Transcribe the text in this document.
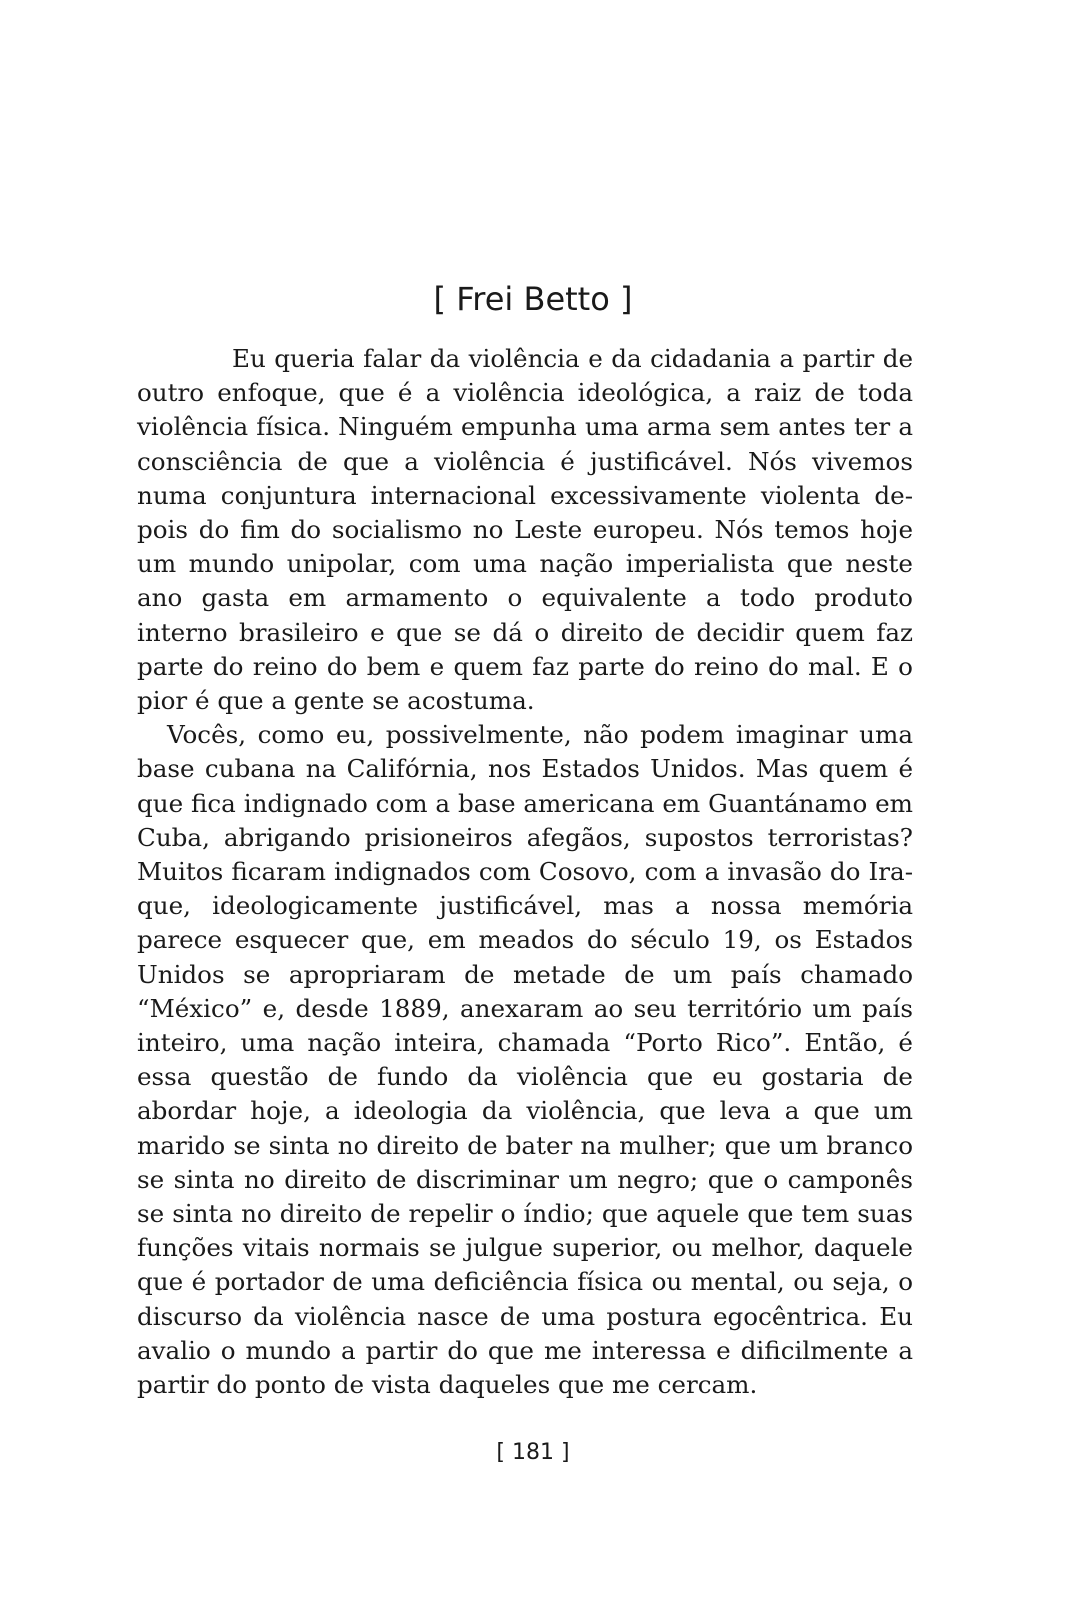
[ Frei Betto ]

Eu queria falar da violência e da cidadania a partir de outro enfoque, que é a violência ideológica, a raiz de toda violência física. Ninguém empunha uma arma sem antes ter a consciência de que a violência é justificável. Nós vivemos numa conjuntura internacional excessivamente violenta depois do fim do socialismo no Leste europeu. Nós temos hoje um mundo unipolar, com uma nação imperialista que neste ano gasta em armamento o equivalente a todo produto interno brasileiro e que se dá o direito de decidir quem faz parte do reino do bem e quem faz parte do reino do mal. E o pior é que a gente se acostuma.

Vocês, como eu, possivelmente, não podem imaginar uma base cubana na Califórnia, nos Estados Unidos. Mas quem é que fica indignado com a base americana em Guantánamo em Cuba, abrigando prisioneiros afegãos, supostos terroristas? Muitos ficaram indignados com Cosovo, com a invasão do Iraque, ideologicamente justificável, mas a nossa memória parece esquecer que, em meados do século 19, os Estados Unidos se apropriaram de metade de um país chamado “México” e, desde 1889, anexaram ao seu território um país inteiro, uma nação inteira, chamada “Porto Rico”. Então, é essa questão de fundo da violência que eu gostaria de abordar hoje, a ideologia da violência, que leva a que um marido se sinta no direito de bater na mulher; que um branco se sinta no direito de discriminar um negro; que o camponês se sinta no direito de repelir o índio; que aquele que tem suas funções vitais normais se julgue superior, ou melhor, daquele que é portador de uma deficiência física ou mental, ou seja, o discurso da violência nasce de uma postura egocêntrica. Eu avalio o mundo a partir do que me interessa e dificilmente a partir do ponto de vista daqueles que me cercam.

[ 181 ]
